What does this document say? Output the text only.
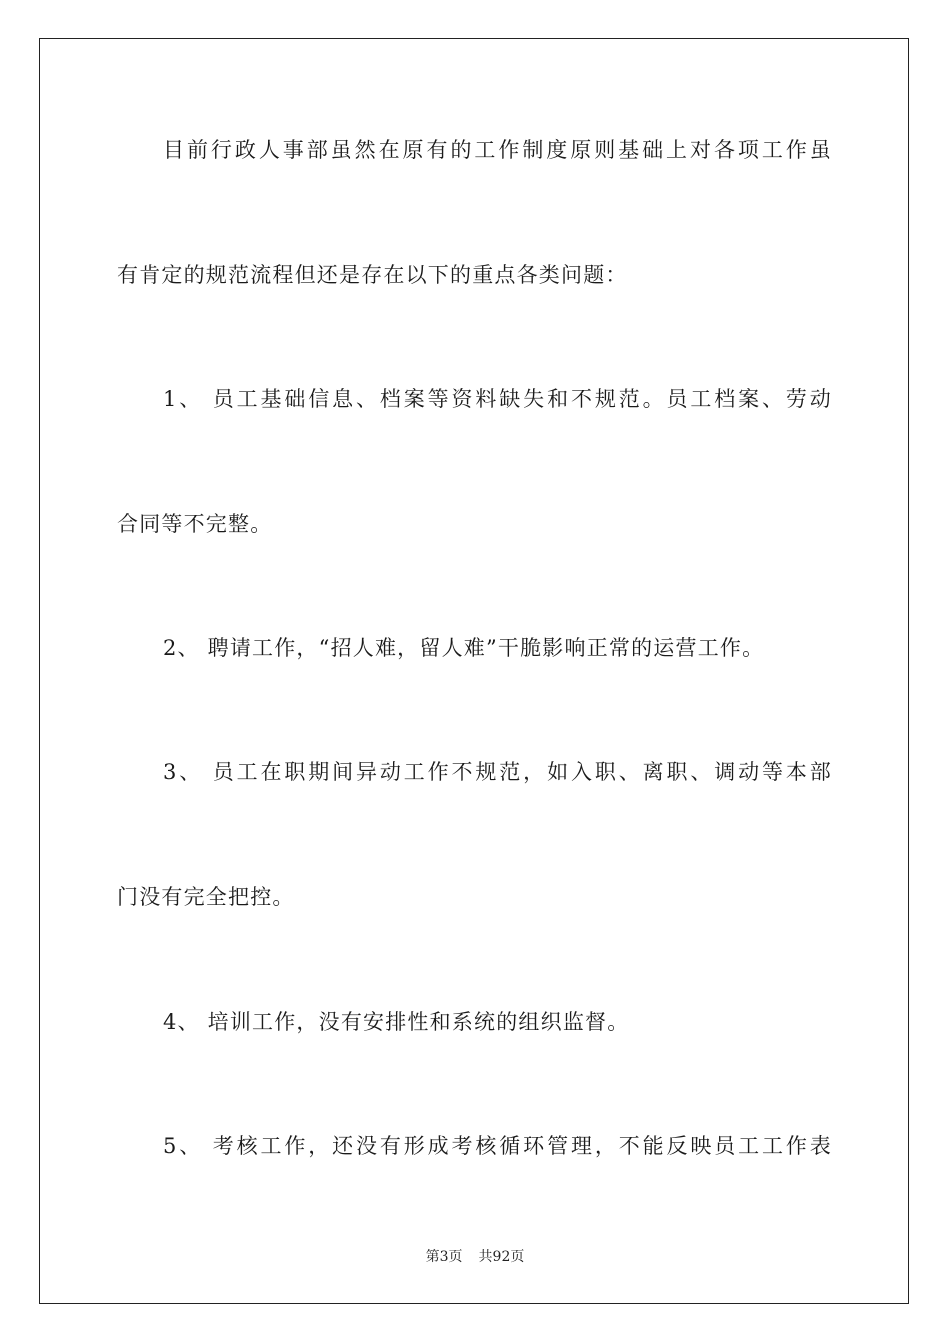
目前行政人事部虽然在原有的工作制度原则基础上对各项工作虽
有肯定的规范流程但还是存在以下的重点各类问题：
1、 员工基础信息、档案等资料缺失和不规范。员工档案、劳动
合同等不完整。
2、 聘请工作，“招人难，留人难”干脆影响正常的运营工作。
3、 员工在职期间异动工作不规范，如入职、离职、调动等本部
门没有完全把控。
4、 培训工作，没有安排性和系统的组织监督。
5、 考核工作，还没有形成考核循环管理，不能反映员工工作表
第3页 共92页
